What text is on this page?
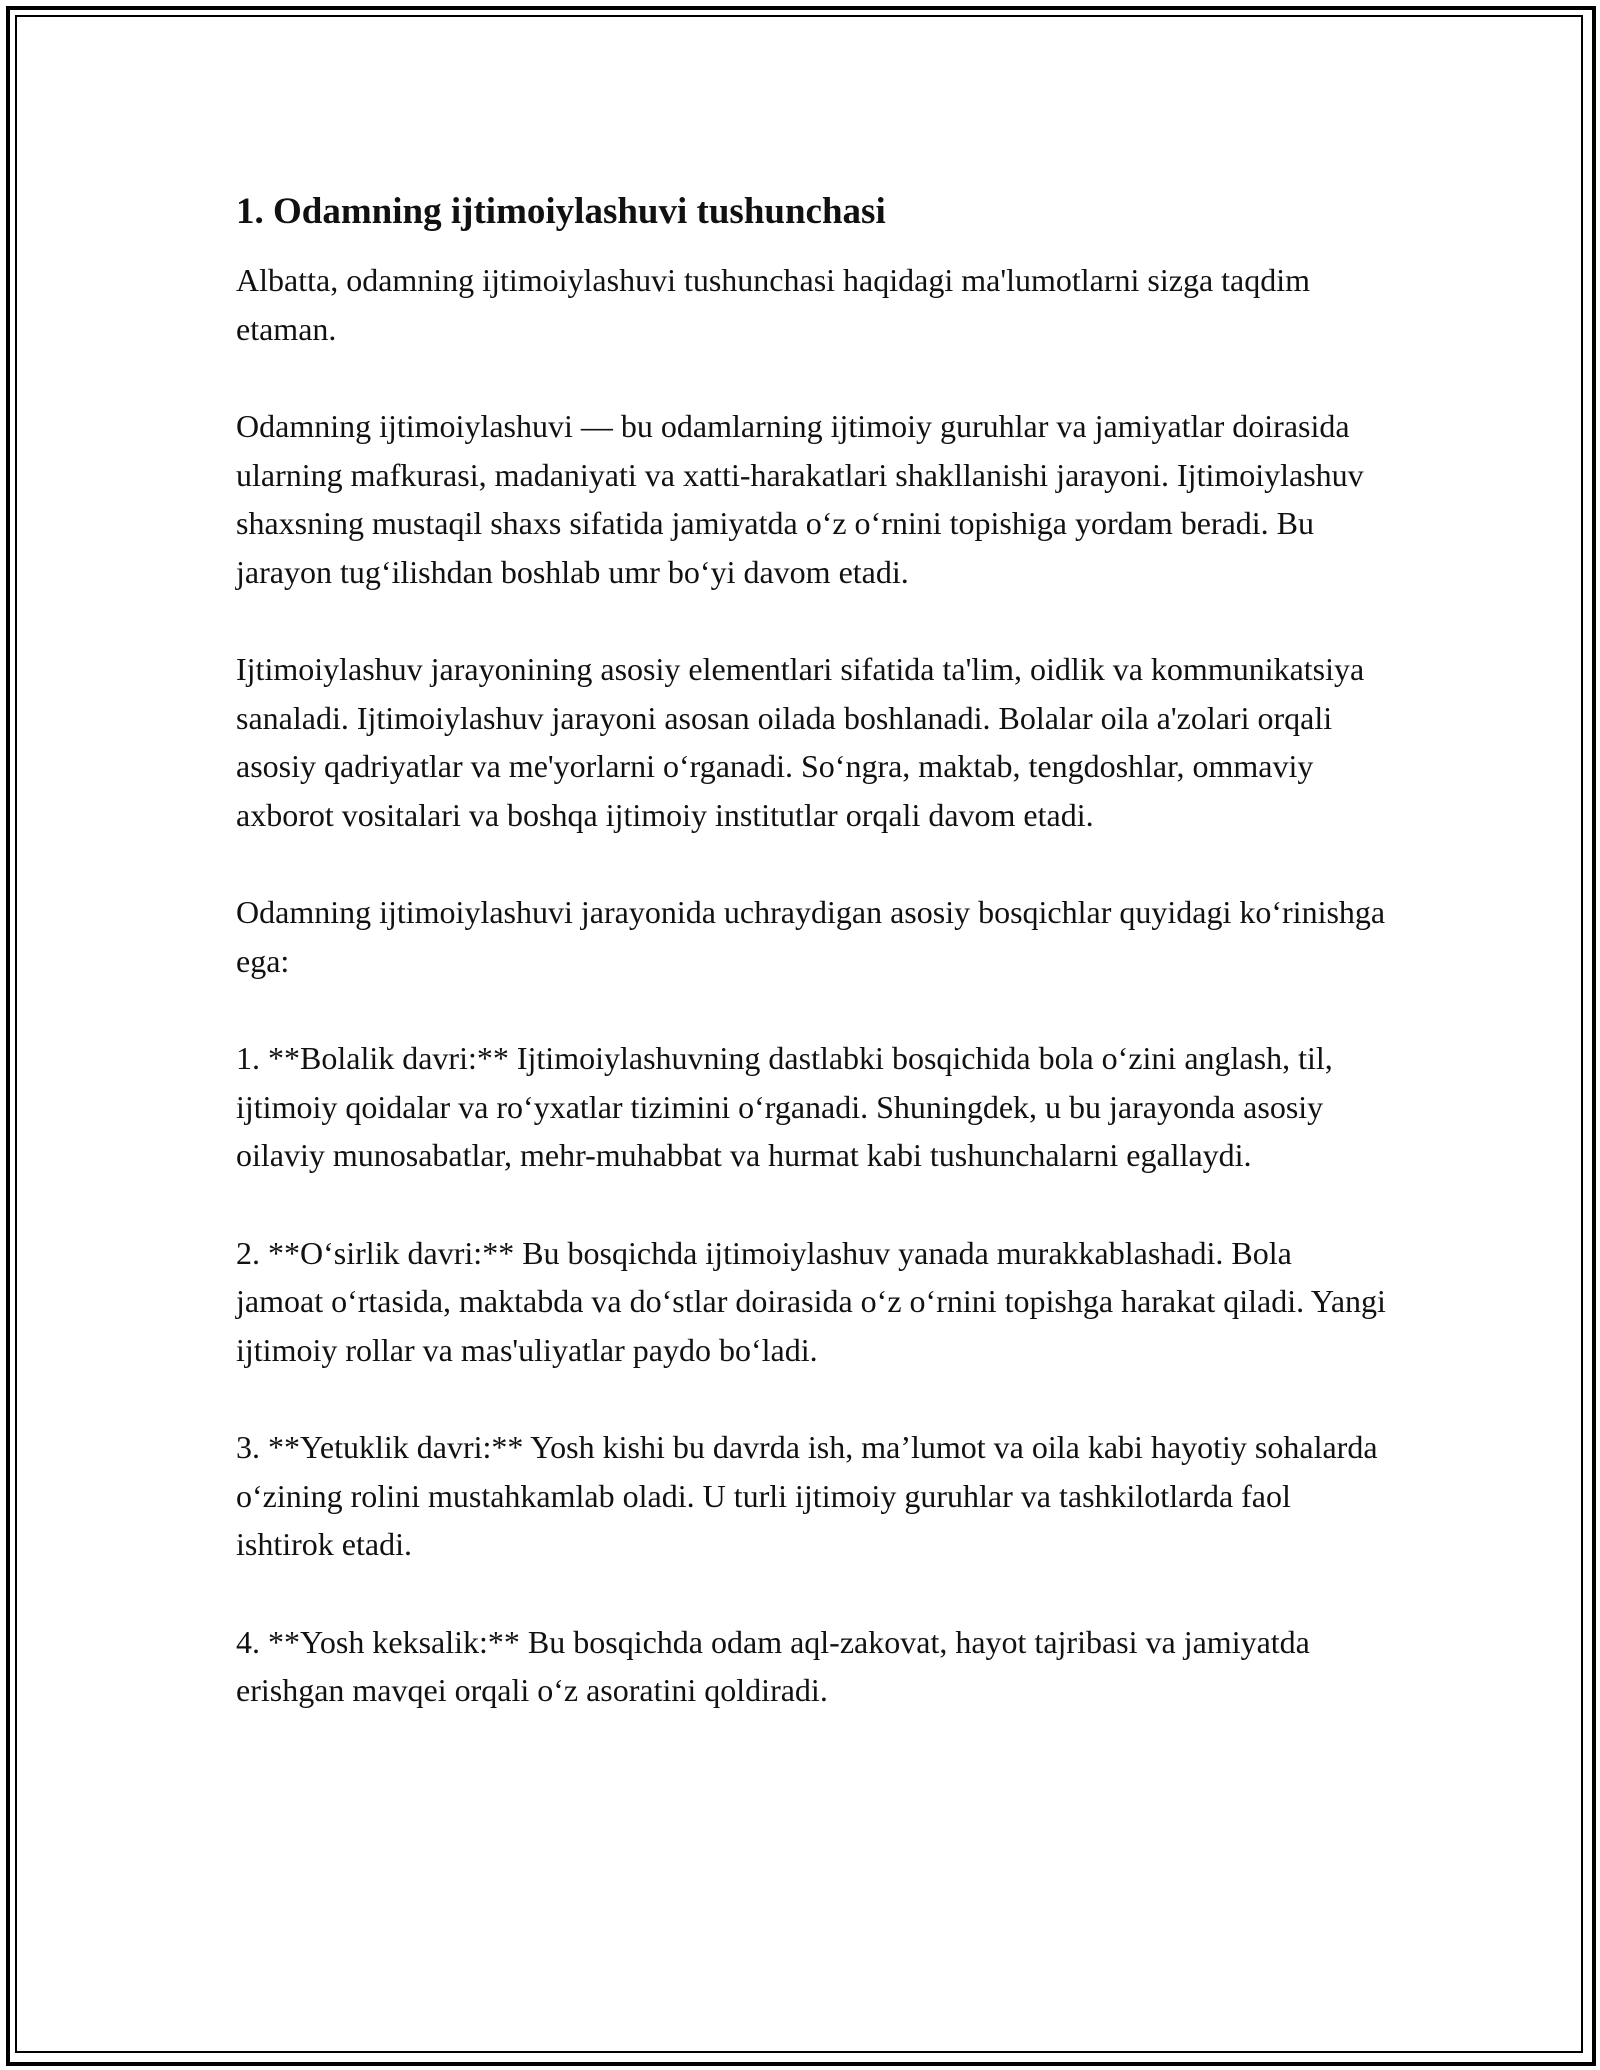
1. Odamning ijtimoiylashuvi tushunchasi

Albatta, odamning ijtimoiylashuvi tushunchasi haqidagi ma'lumotlarni sizga taqdim etaman.

Odamning ijtimoiylashuvi — bu odamlarning ijtimoiy guruhlar va jamiyatlar doirasida ularning mafkurasi, madaniyati va xatti-harakatlari shakllanishi jarayoni. Ijtimoiylashuv shaxsning mustaqil shaxs sifatida jamiyatda o‘z o‘rnini topishiga yordam beradi. Bu jarayon tug‘ilishdan boshlab umr bo‘yi davom etadi.

Ijtimoiylashuv jarayonining asosiy elementlari sifatida ta'lim, oidlik va kommunikatsiya sanaladi. Ijtimoiylashuv jarayoni asosan oilada boshlanadi. Bolalar oila a'zolari orqali asosiy qadriyatlar va me'yorlarni o‘rganadi. So‘ngra, maktab, tengdoshlar, ommaviy axborot vositalari va boshqa ijtimoiy institutlar orqali davom etadi.

Odamning ijtimoiylashuvi jarayonida uchraydigan asosiy bosqichlar quyidagi ko‘rinishga ega:

1. **Bolalik davri:** Ijtimoiylashuvning dastlabki bosqichida bola o‘zini anglash, til, ijtimoiy qoidalar va ro‘yxatlar tizimini o‘rganadi. Shuningdek, u bu jarayonda asosiy oilaviy munosabatlar, mehr-muhabbat va hurmat kabi tushunchalarni egallaydi.

2. **O‘sirlik davri:** Bu bosqichda ijtimoiylashuv yanada murakkablashadi. Bola jamoat o‘rtasida, maktabda va do‘stlar doirasida o‘z o‘rnini topishga harakat qiladi. Yangi ijtimoiy rollar va mas'uliyatlar paydo bo‘ladi.

3. **Yetuklik davri:** Yosh kishi bu davrda ish, ma’lumot va oila kabi hayotiy sohalarda o‘zining rolini mustahkamlab oladi. U turli ijtimoiy guruhlar va tashkilotlarda faol ishtirok etadi.

4. **Yosh keksalik:** Bu bosqichda odam aql-zakovat, hayot tajribasi va jamiyatda erishgan mavqei orqali o‘z asoratini qoldiradi.
